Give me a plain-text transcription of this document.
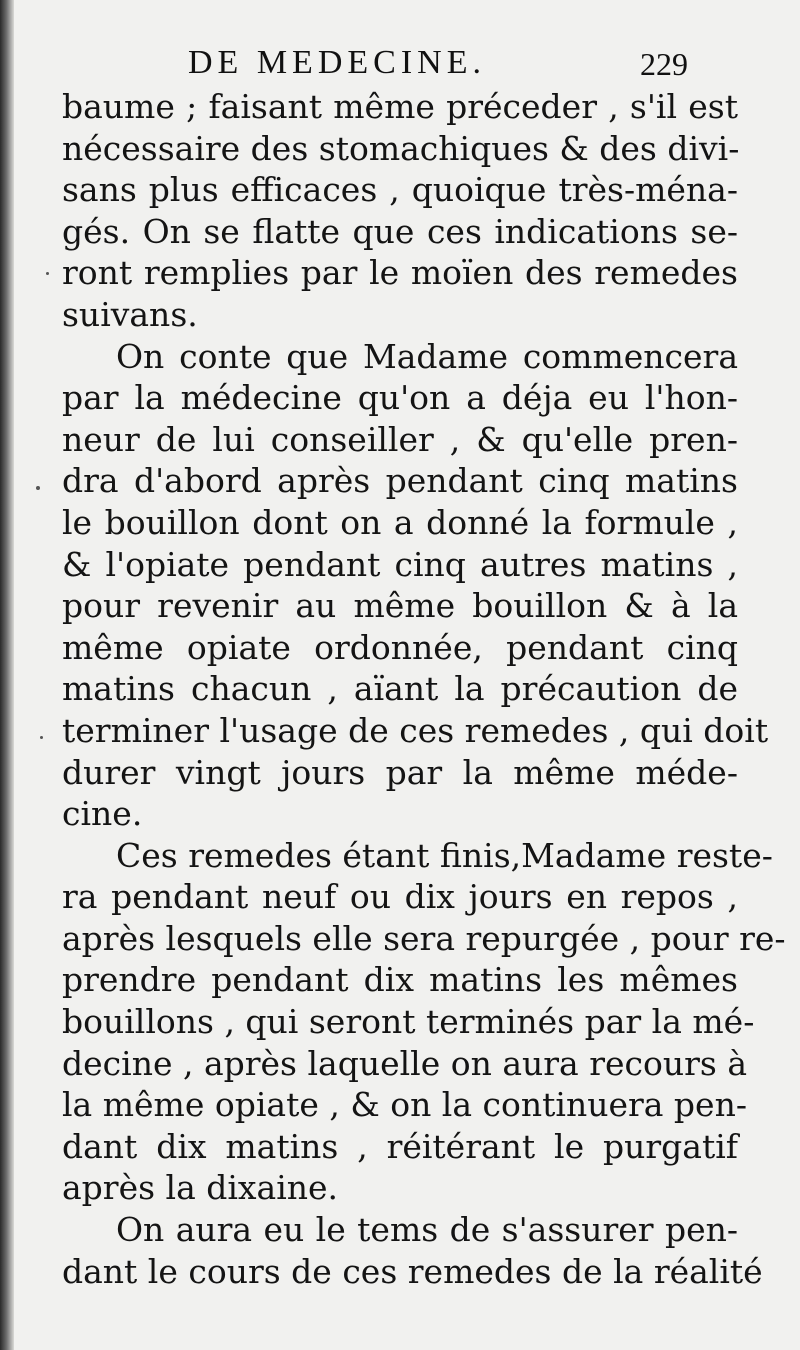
DE MEDECINE.	229
baume ; faisant même préceder , s'il est
nécessaire des stomachiques & des divi-
sans plus efficaces , quoique très-ména-
gés. On se flatte que ces indications se-
ront remplies par le moïen des remedes
suivans.
On conte que Madame commencera
par la médecine qu'on a déja eu l'hon-
neur de lui conseiller , & qu'elle pren-
dra d'abord après pendant cinq matins
le bouillon dont on a donné la formule ,
& l'opiate pendant cinq autres matins ,
pour revenir au même bouillon & à la
même opiate ordonnée, pendant cinq
matins chacun , aïant la précaution de
terminer l'usage de ces remedes , qui doit
durer vingt jours par la même méde-
cine.
Ces remedes étant finis,Madame reste-
ra pendant neuf ou dix jours en repos ,
après lesquels elle sera repurgée , pour re-
prendre pendant dix matins les mêmes
bouillons , qui seront terminés par la mé-
decine , après laquelle on aura recours à
la même opiate , & on la continuera pen-
dant dix matins , réitérant le purgatif
après la dixaine.
On aura eu le tems de s'assurer pen-
dant le cours de ces remedes de la réalité
